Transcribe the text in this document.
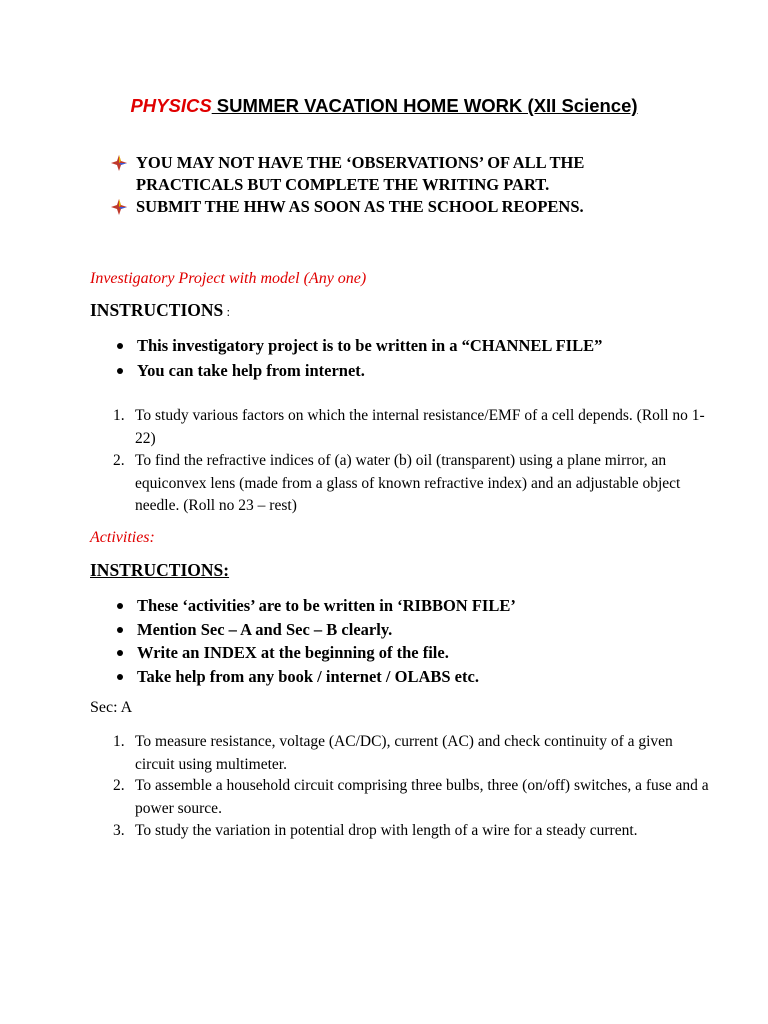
PHYSICS SUMMER VACATION HOME WORK (XII Science)
YOU MAY NOT HAVE THE ‘OBSERVATIONS’ OF ALL THE
PRACTICALS BUT COMPLETE THE WRITING PART.
SUBMIT THE HHW AS SOON AS THE SCHOOL REOPENS.
Investigatory Project with model (Any one)
INSTRUCTIONS :
This investigatory project is to be written in a “CHANNEL FILE”
You can take help from internet.
1. To study various factors on which the internal resistance/EMF of a cell depends. (Roll no 1-22)
2. To find the refractive indices of (a) water (b) oil (transparent) using a plane mirror, an equiconvex lens (made from a glass of known refractive index) and an adjustable object needle. (Roll no 23 – rest)
Activities:
INSTRUCTIONS:
These ‘activities’ are to be written in ‘RIBBON FILE’
Mention Sec – A and Sec – B clearly.
Write an INDEX at the beginning of the file.
Take help from any book / internet / OLABS etc.
Sec: A
1. To measure resistance, voltage (AC/DC), current (AC) and check continuity of a given circuit using multimeter.
2. To assemble a household circuit comprising three bulbs, three (on/off) switches, a fuse and a power source.
3. To study the variation in potential drop with length of a wire for a steady current.
